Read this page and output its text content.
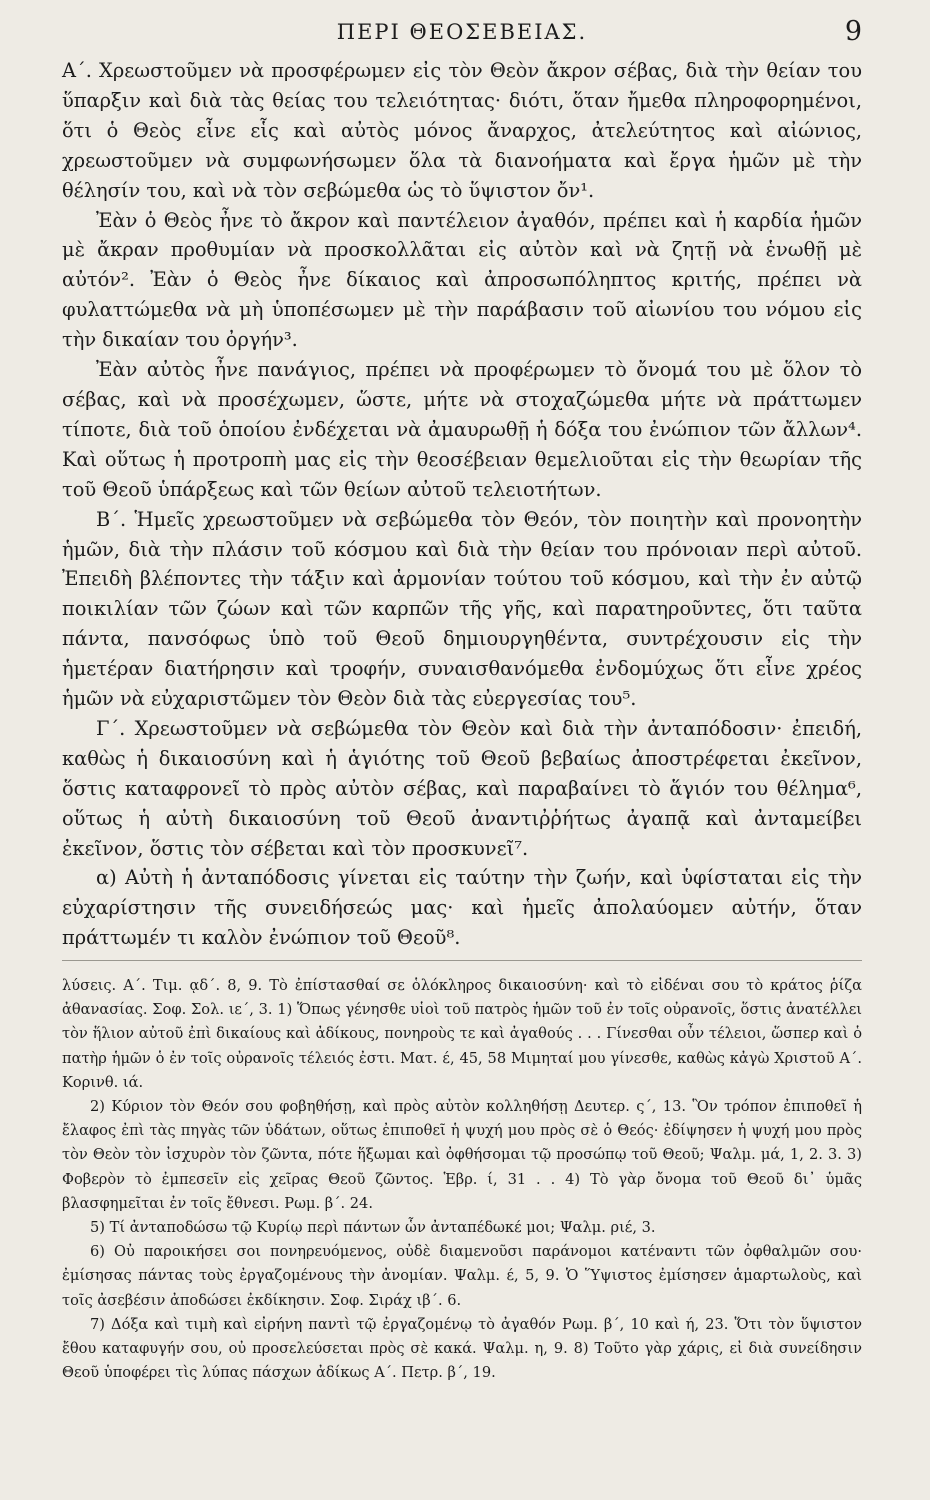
ΠΕΡΙ ΘΕΟΣΕΒΕΙΑΣ.	9

Α΄. Χρεωστοῦμεν νὰ προσφέρωμεν εἰς τὸν Θεὸν ἄκρον σέβας, διὰ τὴν θείαν του ὕπαρξιν καὶ διὰ τὰς θείας του τελειότητας· διότι, ὅταν ἤμεθα πληροφορημένοι, ὅτι ὁ Θεὸς εἶνε εἷς καὶ αὐτὸς μόνος ἄναρχος, ἀτελεύτητος καὶ αἰώνιος, χρεωστοῦμεν νὰ συμφωνήσωμεν ὅλα τὰ διανοήματα καὶ ἔργα ἡμῶν μὲ τὴν θέλησίν του, καὶ νὰ τὸν σεβώμεθα ὡς τὸ ὕψιστον ὄν¹.

Ἐὰν ὁ Θεὸς ἦνε τὸ ἄκρον καὶ παντέλειον ἀγαθόν, πρέπει καὶ ἡ καρδία ἡμῶν μὲ ἄκραν προθυμίαν νὰ προσκολλᾶται εἰς αὐτὸν καὶ νὰ ζητῇ νὰ ἑνωθῇ μὲ αὐτόν². Ἐὰν ὁ Θεὸς ἦνε δίκαιος καὶ ἀπροσωπόληπτος κριτής, πρέπει νὰ φυλαττώμεθα νὰ μὴ ὑποπέσωμεν μὲ τὴν παράβασιν τοῦ αἰωνίου του νόμου εἰς τὴν δικαίαν του ὀργήν³.

Ἐὰν αὐτὸς ἦνε πανάγιος, πρέπει νὰ προφέρωμεν τὸ ὄνομά του μὲ ὅλον τὸ σέβας, καὶ νὰ προσέχωμεν, ὥστε, μήτε νὰ στοχαζώμεθα μήτε νὰ πράττωμεν τίποτε, διὰ τοῦ ὁποίου ἐνδέχεται νὰ ἀμαυρωθῇ ἡ δόξα του ἐνώπιον τῶν ἄλλων⁴. Καὶ οὕτως ἡ προτροπὴ μας εἰς τὴν θεοσέβειαν θεμελιοῦται εἰς τὴν θεωρίαν τῆς τοῦ Θεοῦ ὑπάρξεως καὶ τῶν θείων αὐτοῦ τελειοτήτων.

Β΄. Ἡμεῖς χρεωστοῦμεν νὰ σεβώμεθα τὸν Θεόν, τὸν ποιητὴν καὶ προνοητὴν ἡμῶν, διὰ τὴν πλάσιν τοῦ κόσμου καὶ διὰ τὴν θείαν του πρόνοιαν περὶ αὐτοῦ. Ἐπειδὴ βλέποντες τὴν τάξιν καὶ ἁρμονίαν τούτου τοῦ κόσμου, καὶ τὴν ἐν αὐτῷ ποικιλίαν τῶν ζώων καὶ τῶν καρπῶν τῆς γῆς, καὶ παρατηροῦντες, ὅτι ταῦτα πάντα, πανσόφως ὑπὸ τοῦ Θεοῦ δημιουργηθέντα, συντρέχουσιν εἰς τὴν ἡμετέραν διατήρησιν καὶ τροφήν, συναισθανόμεθα ἐνδομύχως ὅτι εἶνε χρέος ἡμῶν νὰ εὐχαριστῶμεν τὸν Θεὸν διὰ τὰς εὐεργεσίας του⁵.

Γ΄. Χρεωστοῦμεν νὰ σεβώμεθα τὸν Θεὸν καὶ διὰ τὴν ἀνταπόδοσιν· ἐπειδή, καθὼς ἡ δικαιοσύνη καὶ ἡ ἁγιότης τοῦ Θεοῦ βεβαίως ἀποστρέφεται ἐκεῖνον, ὅστις καταφρονεῖ τὸ πρὸς αὐτὸν σέβας, καὶ παραβαίνει τὸ ἅγιόν του θέλημα⁶, οὕτως ἡ αὐτὴ δικαιοσύνη τοῦ Θεοῦ ἀναντιῤῥήτως ἀγαπᾷ καὶ ἀνταμείβει ἐκεῖνον, ὅστις τὸν σέβεται καὶ τὸν προσκυνεῖ⁷.

α) Αὐτὴ ἡ ἀνταπόδοσις γίνεται εἰς ταύτην τὴν ζωήν, καὶ ὑφίσταται εἰς τὴν εὐχαρίστησιν τῆς συνειδήσεώς μας· καὶ ἡμεῖς ἀπολαύομεν αὐτήν, ὅταν πράττωμέν τι καλὸν ἐνώπιον τοῦ Θεοῦ⁸.

λύσεις. Α΄. Τιμ. ᾳδ΄. 8, 9. Τὸ ἐπίστασθαί σε ὁλόκληρος δικαιοσύνη· καὶ τὸ εἰδέναι σου τὸ κράτος ῥίζα ἀθανασίας. Σοφ. Σολ. ιε΄, 3. 1) Ὅπως γένησθε υἱοὶ τοῦ πατρὸς ἡμῶν τοῦ ἐν τοῖς οὐρανοῖς, ὅστις ἀνατέλλει τὸν ἥλιον αὐτοῦ ἐπὶ δικαίους καὶ ἀδίκους, πονηροὺς τε καὶ ἀγαθούς . . . Γίνεσθαι οὖν τέλειοι, ὥσπερ καὶ ὁ πατὴρ ἡμῶν ὁ ἐν τοῖς οὐρανοῖς τέλειός ἐστι. Ματ. έ, 45, 58 Μιμηταί μου γίνεσθε, καθὼς κἀγὼ Χριστοῦ Α΄. Κορινθ. ιά.

2) Κύριον τὸν Θεόν σου φοβηθήσῃ, καὶ πρὸς αὐτὸν κολληθήσῃ Δευτερ. ς΄, 13. Ὃν τρόπον ἐπιποθεῖ ἡ ἔλαφος ἐπὶ τὰς πηγὰς τῶν ὑδάτων, οὕτως ἐπιποθεῖ ἡ ψυχή μου πρὸς σὲ ὁ Θεός· ἐδίψησεν ἡ ψυχή μου πρὸς τὸν Θεὸν τὸν ἰσχυρὸν τὸν ζῶντα, πότε ἥξωμαι καὶ ὀφθήσομαι τῷ προσώπῳ τοῦ Θεοῦ; Ψαλμ. μά, 1, 2. 3. 3) Φοβερὸν τὸ ἐμπεσεῖν εἰς χεῖρας Θεοῦ ζῶντος. Ἑβρ. ί, 31 . . 4) Τὸ γὰρ ὄνομα τοῦ Θεοῦ δι᾽ ὑμᾶς βλασφημεῖται ἐν τοῖς ἔθνεσι. Ρωμ. β΄. 24.

5) Τί ἀνταποδώσω τῷ Κυρίῳ περὶ πάντων ὧν ἀνταπέδωκέ μοι; Ψαλμ. ριέ, 3.

6) Οὐ παροικήσει σοι πονηρευόμενος, οὐδὲ διαμενοῦσι παράνομοι κατέναντι τῶν ὀφθαλμῶν σου· ἐμίσησας πάντας τοὺς ἐργαζομένους τὴν ἀνομίαν. Ψαλμ. έ, 5, 9. Ὁ Ὕψιστος ἐμίσησεν ἁμαρτωλοὺς, καὶ τοῖς ἀσεβέσιν ἀποδώσει ἐκδίκησιν. Σοφ. Σιράχ ιβ΄. 6.

7) Δόξα καὶ τιμὴ καὶ εἰρήνη παντὶ τῷ ἐργαζομένῳ τὸ ἀγαθόν Ρωμ. β΄, 10 καὶ ή, 23. Ὅτι τὸν ὕψιστον ἔθου καταφυγήν σου, οὐ προσελεύσεται πρὸς σὲ κακά. Ψαλμ. η, 9. 8) Τοῦτο γὰρ χάρις, εἰ διὰ συνείδησιν Θεοῦ ὑποφέρει τὶς λύπας πάσχων ἀδίκως Α΄. Πετρ. β΄, 19.
